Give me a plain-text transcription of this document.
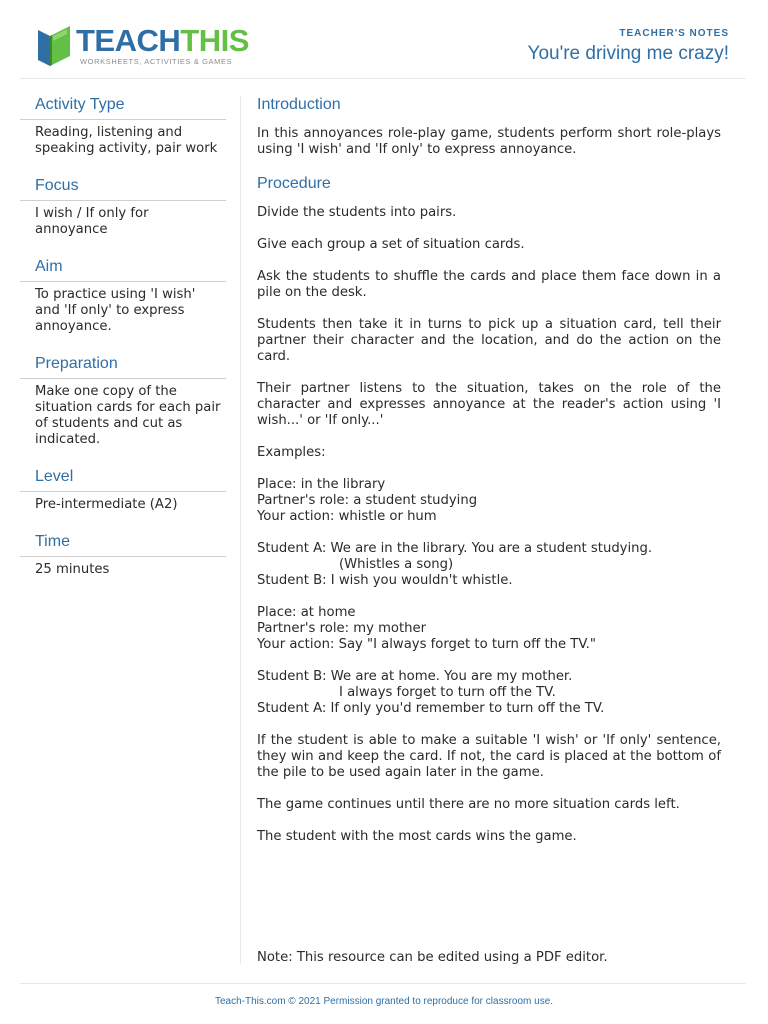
TEACHTHIS
WORKSHEETS, ACTIVITIES & GAMES
TEACHER'S NOTES
You're driving me crazy!
Activity Type
Reading, listening and speaking activity, pair work
Focus
I wish / If only for annoyance
Aim
To practice using 'I wish' and 'If only' to express annoyance.
Preparation
Make one copy of the situation cards for each pair of students and cut as indicated.
Level
Pre-intermediate (A2)
Time
25 minutes
Introduction

In this annoyances role-play game, students perform short role-plays using 'I wish' and 'If only' to express annoyance.

Procedure

Divide the students into pairs.

Give each group a set of situation cards.

Ask the students to shuffle the cards and place them face down in a pile on the desk.

Students then take it in turns to pick up a situation card, tell their partner their character and the location, and do the action on the card.

Their partner listens to the situation, takes on the role of the character and expresses annoyance at the reader's action using 'I wish...' or 'If only...'

Examples:

Place: in the library
Partner's role: a student studying
Your action: whistle or hum
Student A: We are in the library. You are a student studying.
(Whistles a song)
Student B: I wish you wouldn't whistle.
Place: at home
Partner's role: my mother
Your action: Say "I always forget to turn off the TV."
Student B: We are at home. You are my mother.
I always forget to turn off the TV.
Student A: If only you'd remember to turn off the TV.

If the student is able to make a suitable 'I wish' or 'If only' sentence, they win and keep the card. If not, the card is placed at the bottom of the pile to be used again later in the game.

The game continues until there are no more situation cards left.

The student with the most cards wins the game.

Note: This resource can be edited using a PDF editor.
Teach-This.com © 2021 Permission granted to reproduce for classroom use.
